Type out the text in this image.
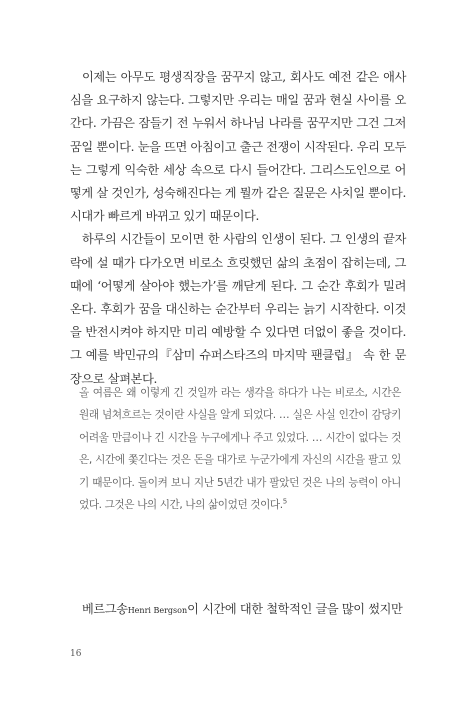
이제는 아무도 평생직장을 꿈꾸지 않고, 회사도 예전 같은 애사심을 요구하지 않는다. 그렇지만 우리는 매일 꿈과 현실 사이를 오간다. 가끔은 잠들기 전 누워서 하나님 나라를 꿈꾸지만 그건 그저 꿈일 뿐이다. 눈을 뜨면 아침이고 출근 전쟁이 시작된다. 우리 모두는 그렇게 익숙한 세상 속으로 다시 들어간다. 그리스도인으로 어떻게 살 것인가, 성숙해진다는 게 뭘까 같은 질문은 사치일 뿐이다. 시대가 빠르게 바뀌고 있기 때문이다.

하루의 시간들이 모이면 한 사람의 인생이 된다. 그 인생의 끝자락에 설 때가 다가오면 비로소 흐릿했던 삶의 초점이 잡히는데, 그때에 ‘어떻게 살아야 했는가’를 깨닫게 된다. 그 순간 후회가 밀려온다. 후회가 꿈을 대신하는 순간부터 우리는 늙기 시작한다. 이것을 반전시켜야 하지만 미리 예방할 수 있다면 더없이 좋을 것이다. 그 예를 박민규의『삼미 슈퍼스타즈의 마지막 팬클럽』 속 한 문장으로 살펴본다.

올 여름은 왜 이렇게 긴 것일까 라는 생각을 하다가 나는 비로소, 시간은 원래 넘쳐흐르는 것이란 사실을 알게 되었다. … 실은 사실 인간이 감당키 어려울 만큼이나 긴 시간을 누구에게나 주고 있었다. … 시간이 없다는 것은, 시간에 쫓긴다는 것은 돈을 대가로 누군가에게 자신의 시간을 팔고 있기 때문이다. 돌이켜 보니 지난 5년간 내가 팔았던 것은 나의 능력이 아니었다. 그것은 나의 시간, 나의 삶이었던 것이다.$^5$

베르그송Henri Bergson이 시간에 대한 철학적인 글을 많이 썼지만

16
